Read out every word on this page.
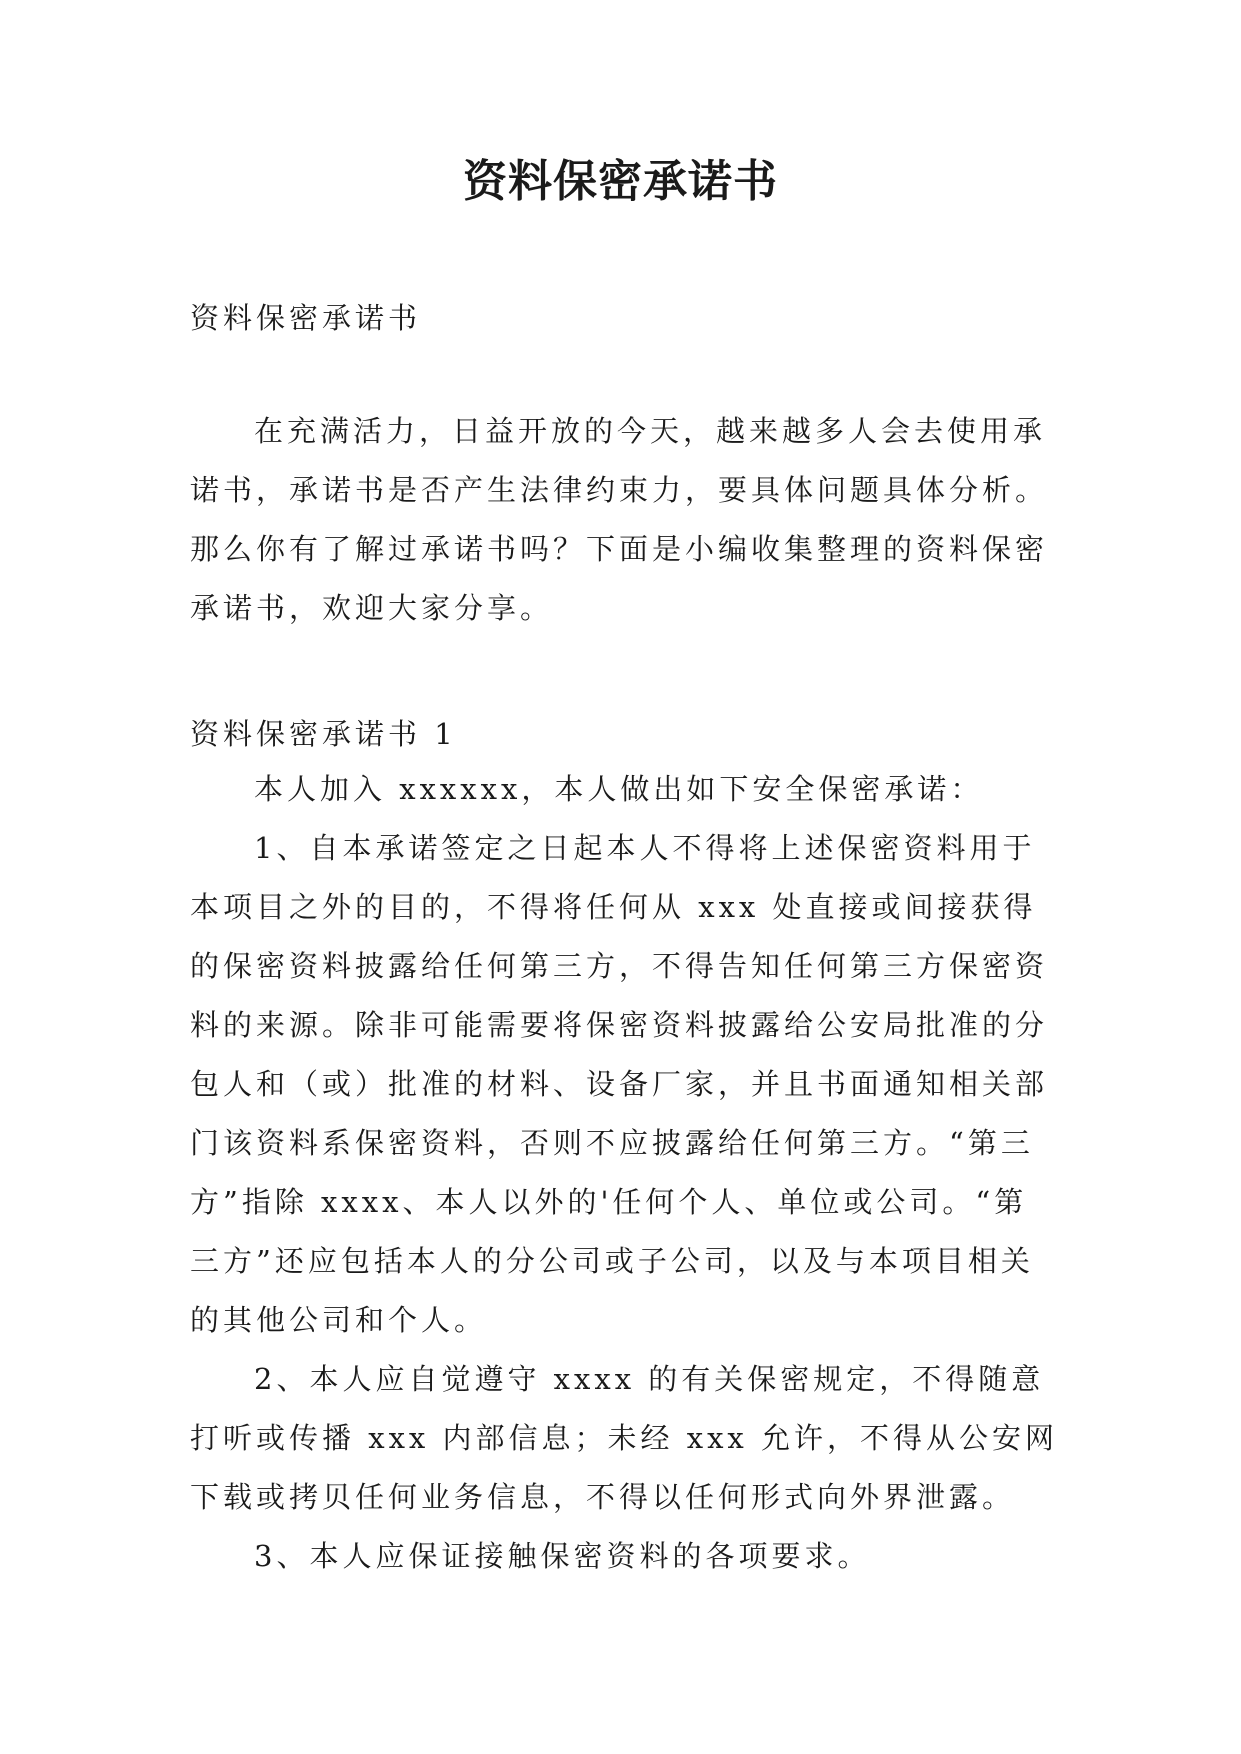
资料保密承诺书

资料保密承诺书

在充满活力，日益开放的今天，越来越多人会去使用承诺书，承诺书是否产生法律约束力，要具体问题具体分析。那么你有了解过承诺书吗？下面是小编收集整理的资料保密承诺书，欢迎大家分享。

资料保密承诺书 1

本人加入 xxxxxx，本人做出如下安全保密承诺：

1、自本承诺签定之日起本人不得将上述保密资料用于本项目之外的目的，不得将任何从 xxx 处直接或间接获得的保密资料披露给任何第三方，不得告知任何第三方保密资料的来源。除非可能需要将保密资料披露给公安局批准的分包人和（或）批准的材料、设备厂家，并且书面通知相关部门该资料系保密资料，否则不应披露给任何第三方。“第三方”指除 xxxx、本人以外的'任何个人、单位或公司。“第三方”还应包括本人的分公司或子公司，以及与本项目相关的其他公司和个人。

2、本人应自觉遵守 xxxx 的有关保密规定，不得随意打听或传播 xxx 内部信息；未经 xxx 允许，不得从公安网下载或拷贝任何业务信息，不得以任何形式向外界泄露。

3、本人应保证接触保密资料的各项要求。
